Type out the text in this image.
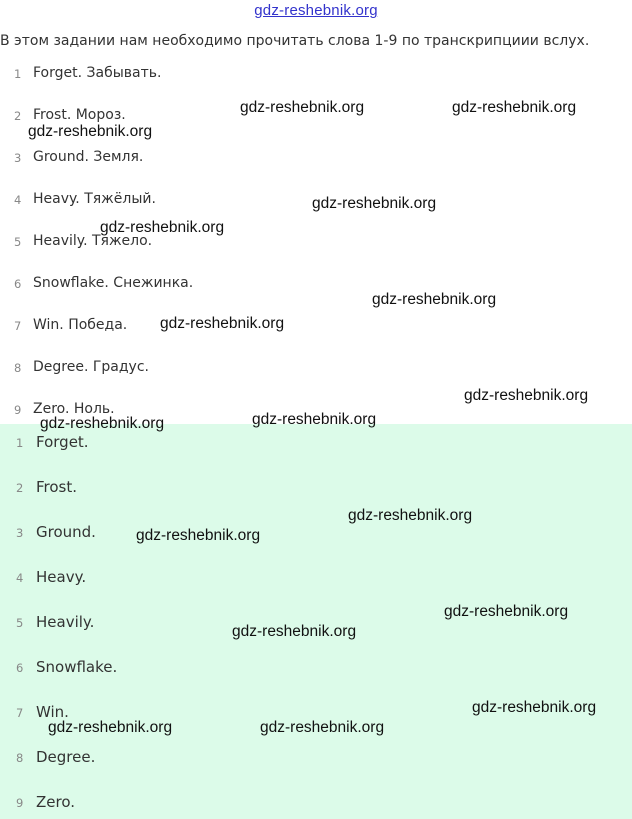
gdz-reshebnik.org
В этом задании нам необходимо прочитать слова 1-9 по транскрипциии вслух.
1 Forget. Забывать.
2 Frost. Мороз.
3 Ground. Земля.
4 Heavy. Тяжёлый.
5 Heavily. Тяжело.
6 Snowflake. Снежинка.
7 Win. Победа.
8 Degree. Градус.
9 Zero. Ноль.
1 Forget.
2 Frost.
3 Ground.
4 Heavy.
5 Heavily.
6 Snowflake.
7 Win.
8 Degree.
9 Zero.
gdz-reshebnik.org	gdz-reshebnik.org
gdz-reshebnik.org
gdz-reshebnik.org
gdz-reshebnik.org
gdz-reshebnik.org
gdz-reshebnik.org
gdz-reshebnik.org
gdz-reshebnik.org	gdz-reshebnik.org
gdz-reshebnik.org
gdz-reshebnik.org
gdz-reshebnik.org
gdz-reshebnik.org
gdz-reshebnik.org
gdz-reshebnik.org	gdz-reshebnik.org
